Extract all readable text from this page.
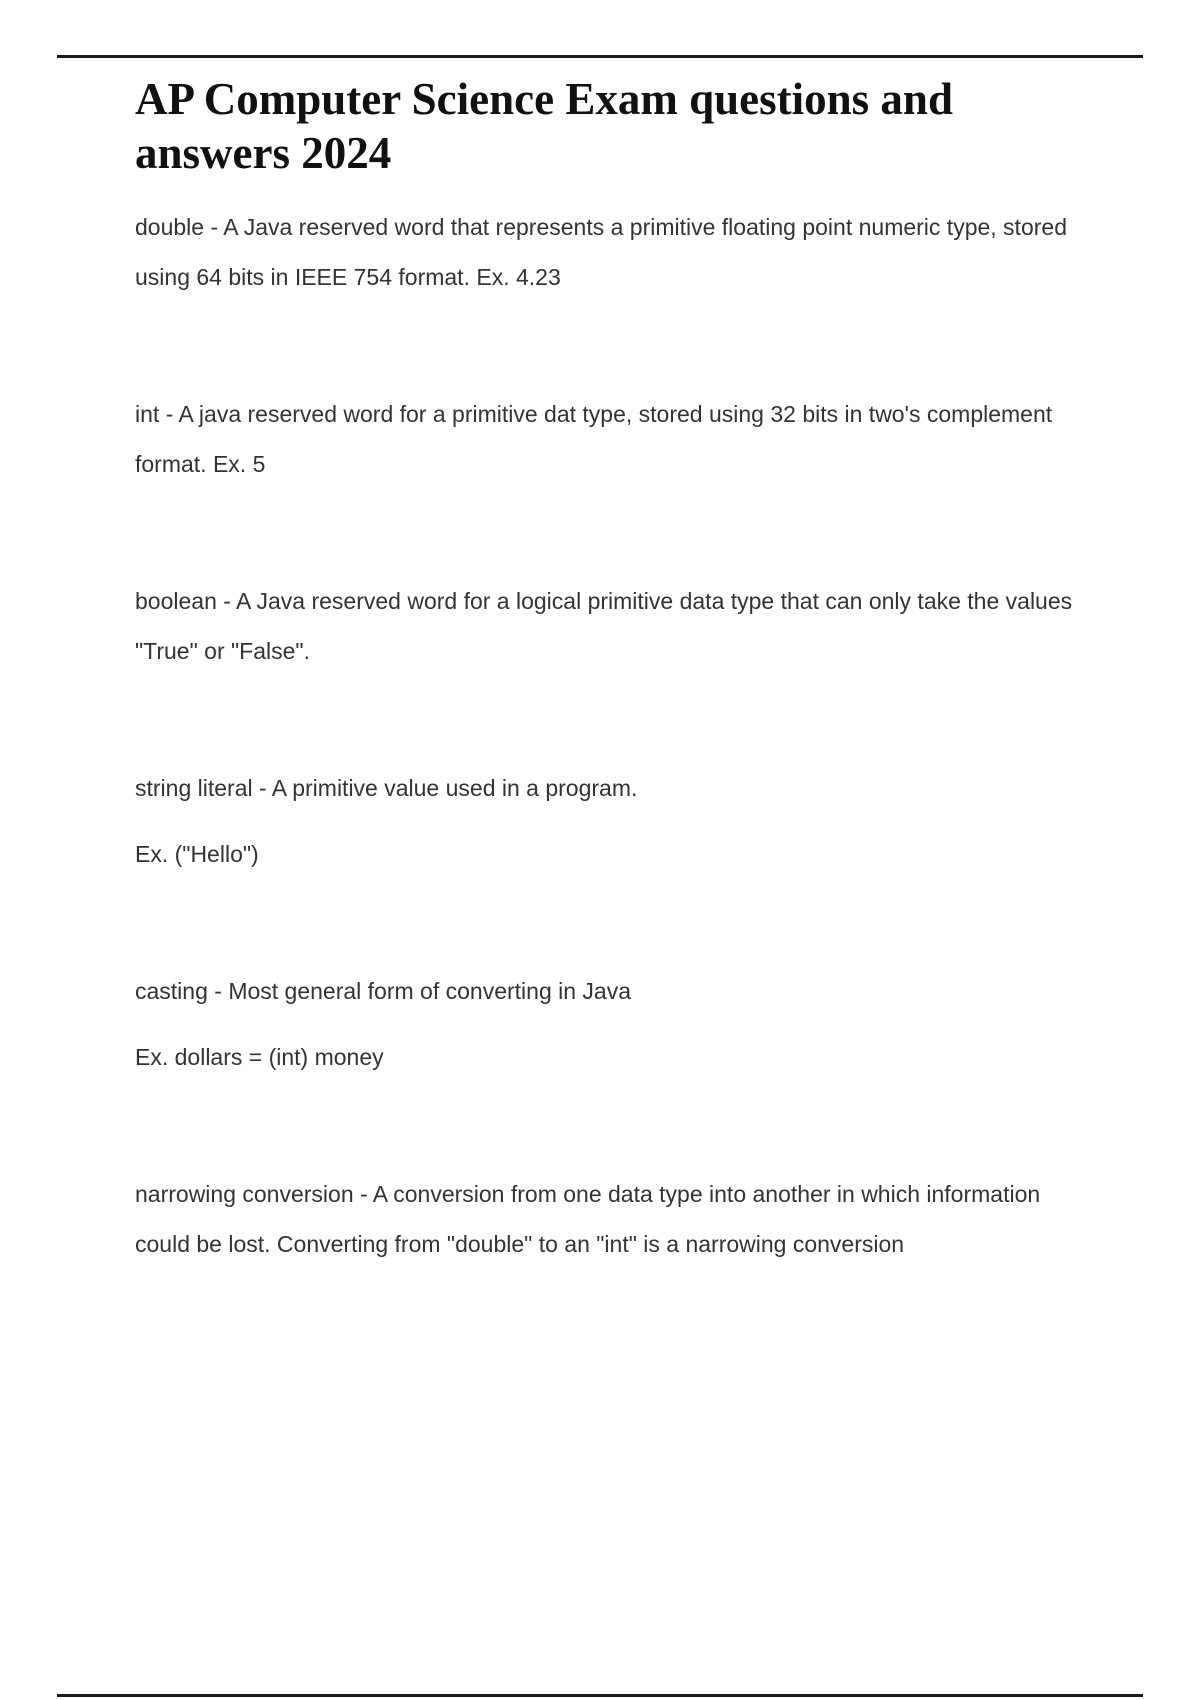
AP Computer Science Exam questions and answers 2024

double - A Java reserved word that represents a primitive floating point numeric type, stored using 64 bits in IEEE 754 format. Ex. 4.23

int - A java reserved word for a primitive dat type, stored using 32 bits in two's complement format. Ex. 5

boolean - A Java reserved word for a logical primitive data type that can only take the values "True" or "False".

string literal - A primitive value used in a program.

Ex. ("Hello")

casting - Most general form of converting in Java

Ex. dollars = (int) money

narrowing conversion - A conversion from one data type into another in which information could be lost. Converting from "double" to an "int" is a narrowing conversion
